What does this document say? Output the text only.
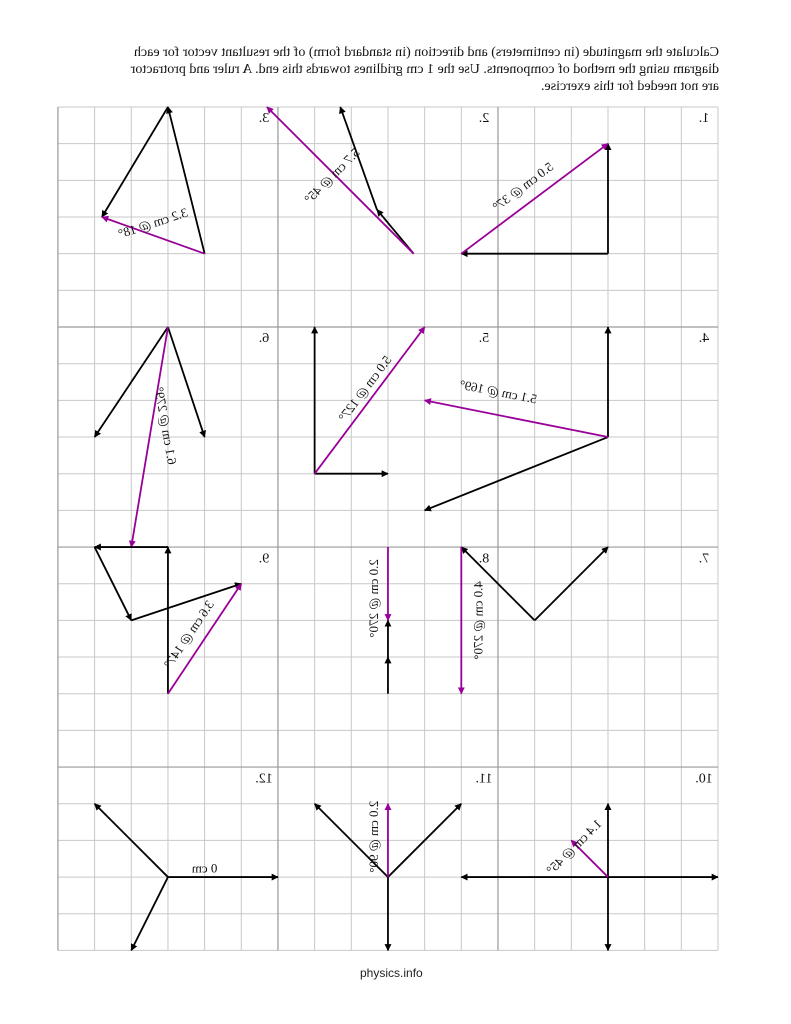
Calculate the magnitude (in centimeters) and direction (in standard form) of the resultant vector for each
diagram using the method of components. Use the 1 cm gridlines towards this end. A ruler and protractor
are not needed for this exercise.
1.
2.
3.
4.
5.
6.
7.
8.
9.
10.
11.
12.
5.0 cm @ 37°
5.7 cm @ 45°
3.2 cm @ 18°
5.1 cm @ 169°
5.0 cm @ 127°
6.1 cm @ 279°
4.0 cm @ 270°
2.0 cm @ 270°
3.6 cm @ 147°
1.4 cm @ 45°
2.0 cm @ 90°
0 cm
physics.info
